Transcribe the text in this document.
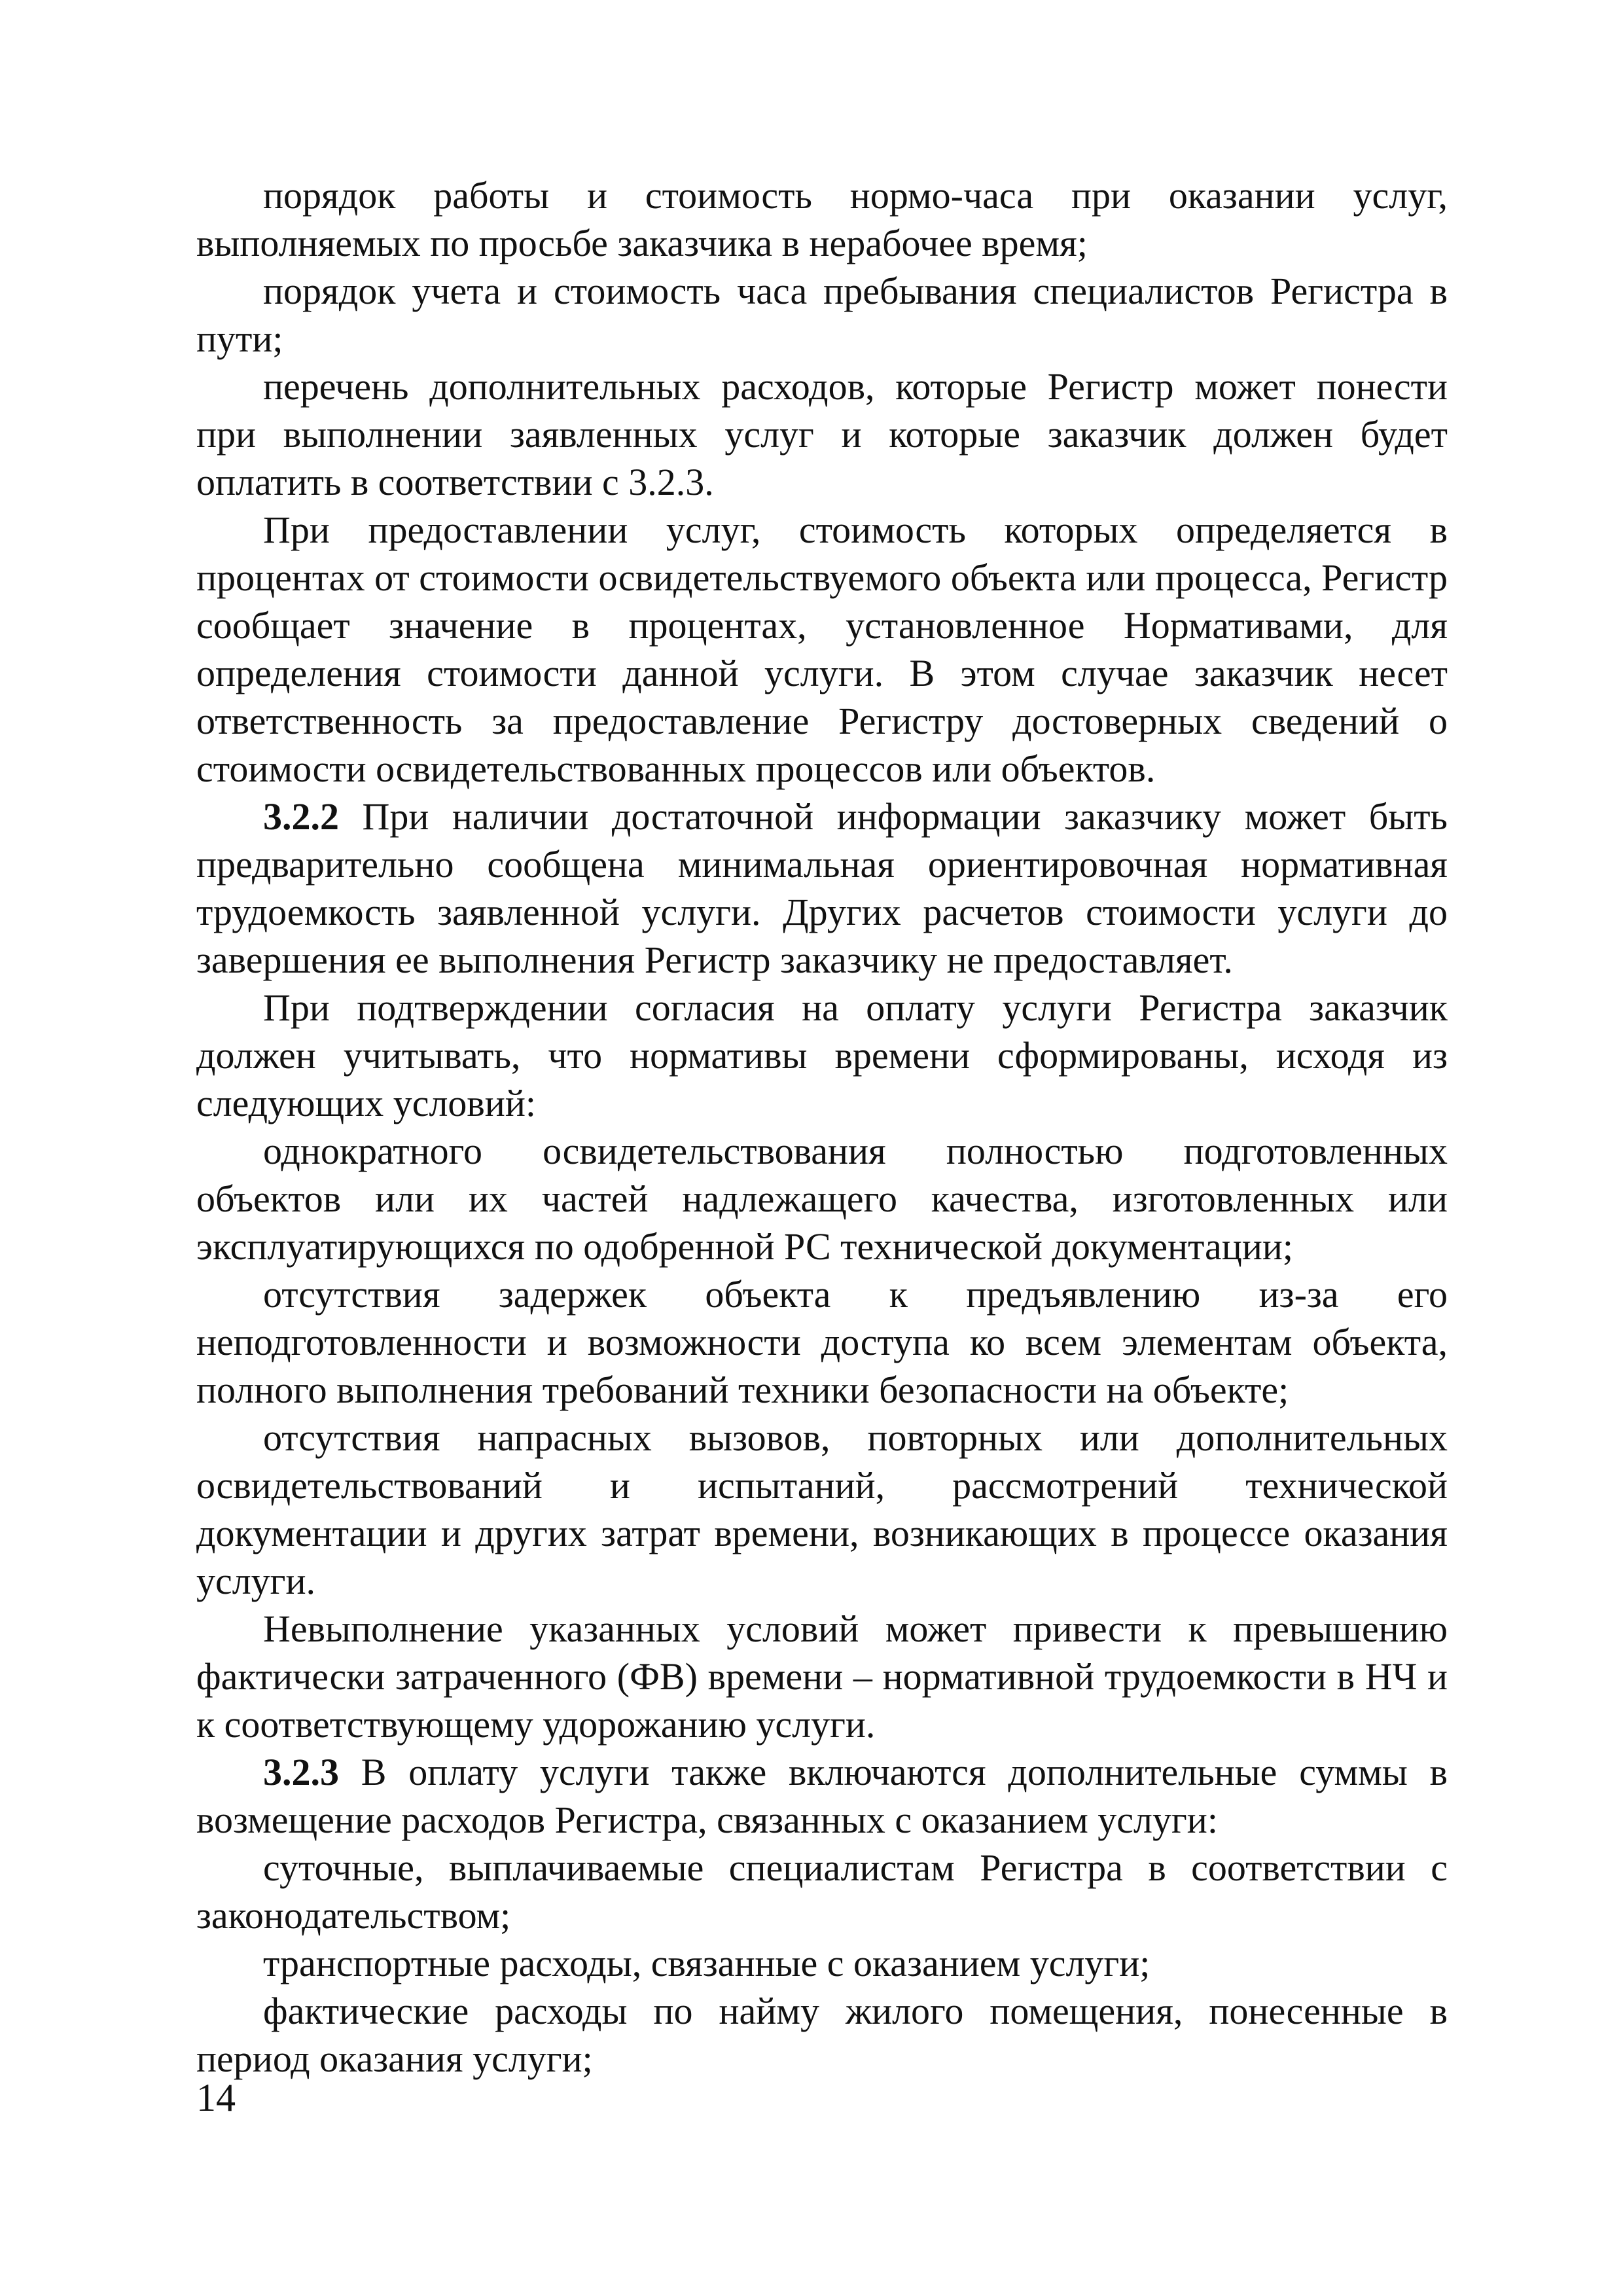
порядок работы и стоимость нормо-часа при оказании услуг, выполняемых по просьбе заказчика в нерабочее время;

порядок учета и стоимость часа пребывания специалистов Регистра в пути;

перечень дополнительных расходов, которые Регистр может понести при выполнении заявленных услуг и которые заказчик должен будет оплатить в соответствии с 3.2.3.

При предоставлении услуг, стоимость которых определяется в процентах от стоимости освидетельствуемого объекта или процесса, Регистр сообщает значение в процентах, установленное Нормативами, для определения стоимости данной услуги. В этом случае заказчик несет ответственность за предоставление Регистру достоверных сведений о стоимости освидетельствованных процессов или объектов.

3.2.2 При наличии достаточной информации заказчику может быть предварительно сообщена минимальная ориентировочная нормативная трудоемкость заявленной услуги. Других расчетов стоимости услуги до завершения ее выполнения Регистр заказчику не предоставляет.

При подтверждении согласия на оплату услуги Регистра заказчик должен учитывать, что нормативы времени сформированы, исходя из следующих условий:

однократного освидетельствования полностью подготовленных объектов или их частей надлежащего качества, изготовленных или эксплуатирующихся по одобренной РС технической документации;

отсутствия задержек объекта к предъявлению из-за его неподготовленности и возможности доступа ко всем элементам объекта, полного выполнения требований техники безопасности на объекте;

отсутствия напрасных вызовов, повторных или дополнительных освидетельствований и испытаний, рассмотрений технической документации и других затрат времени, возникающих в процессе оказания услуги.

Невыполнение указанных условий может привести к превышению фактически затраченного (ФВ) времени – нормативной трудоемкости в НЧ и к соответствующему удорожанию услуги.

3.2.3 В оплату услуги также включаются дополнительные суммы в возмещение расходов Регистра, связанных с оказанием услуги:

суточные, выплачиваемые специалистам Регистра в соответствии с законодательством;

транспортные расходы, связанные с оказанием услуги;

фактические расходы по найму жилого помещения, понесенные в период оказания услуги;

14
